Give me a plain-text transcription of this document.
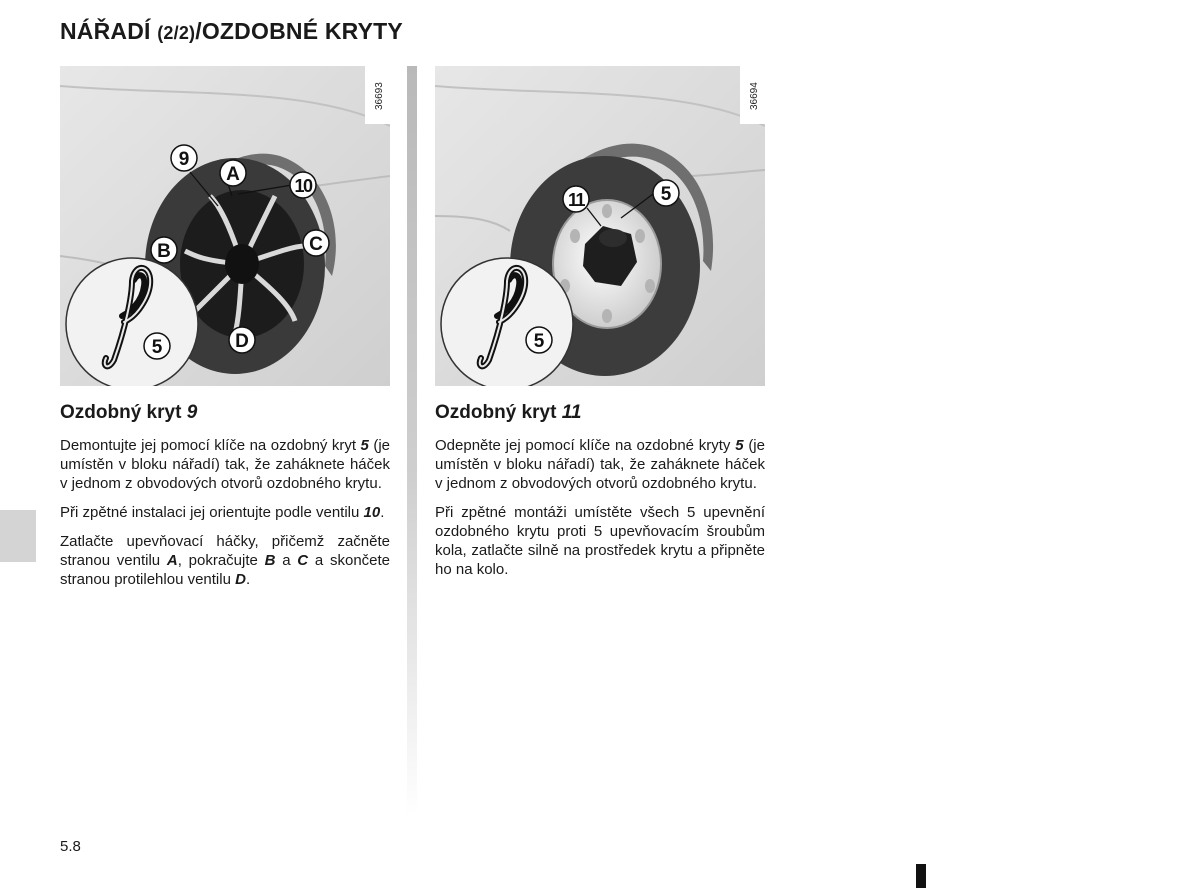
NÁŘADÍ (2/2)/OZDOBNÉ KRYTY
36693
9
A
10
B	C
D
5
36694
11	5
5
Ozdobný kryt 9

Demontujte jej pomocí klíče na ozdobný kryt 5 (je umístěn v bloku nářadí) tak, že zaháknete háček v jednom z obvodových otvorů ozdobného krytu.

Při zpětné instalaci jej orientujte podle ventilu 10.

Zatlačte upevňovací háčky, přičemž začněte stranou ventilu A, pokračujte B a C a skončete stranou protilehlou ventilu D.

Ozdobný kryt 11

Odepněte jej pomocí klíče na ozdobné kryty 5 (je umístěn v bloku nářadí) tak, že zaháknete háček v jednom z obvodových otvorů ozdobného krytu.

Při zpětné montáži umístěte všech 5 upevnění ozdobného krytu proti 5 upevňovacím šroubům kola, zatlačte silně na prostředek krytu a připněte ho na kolo.

5.8
